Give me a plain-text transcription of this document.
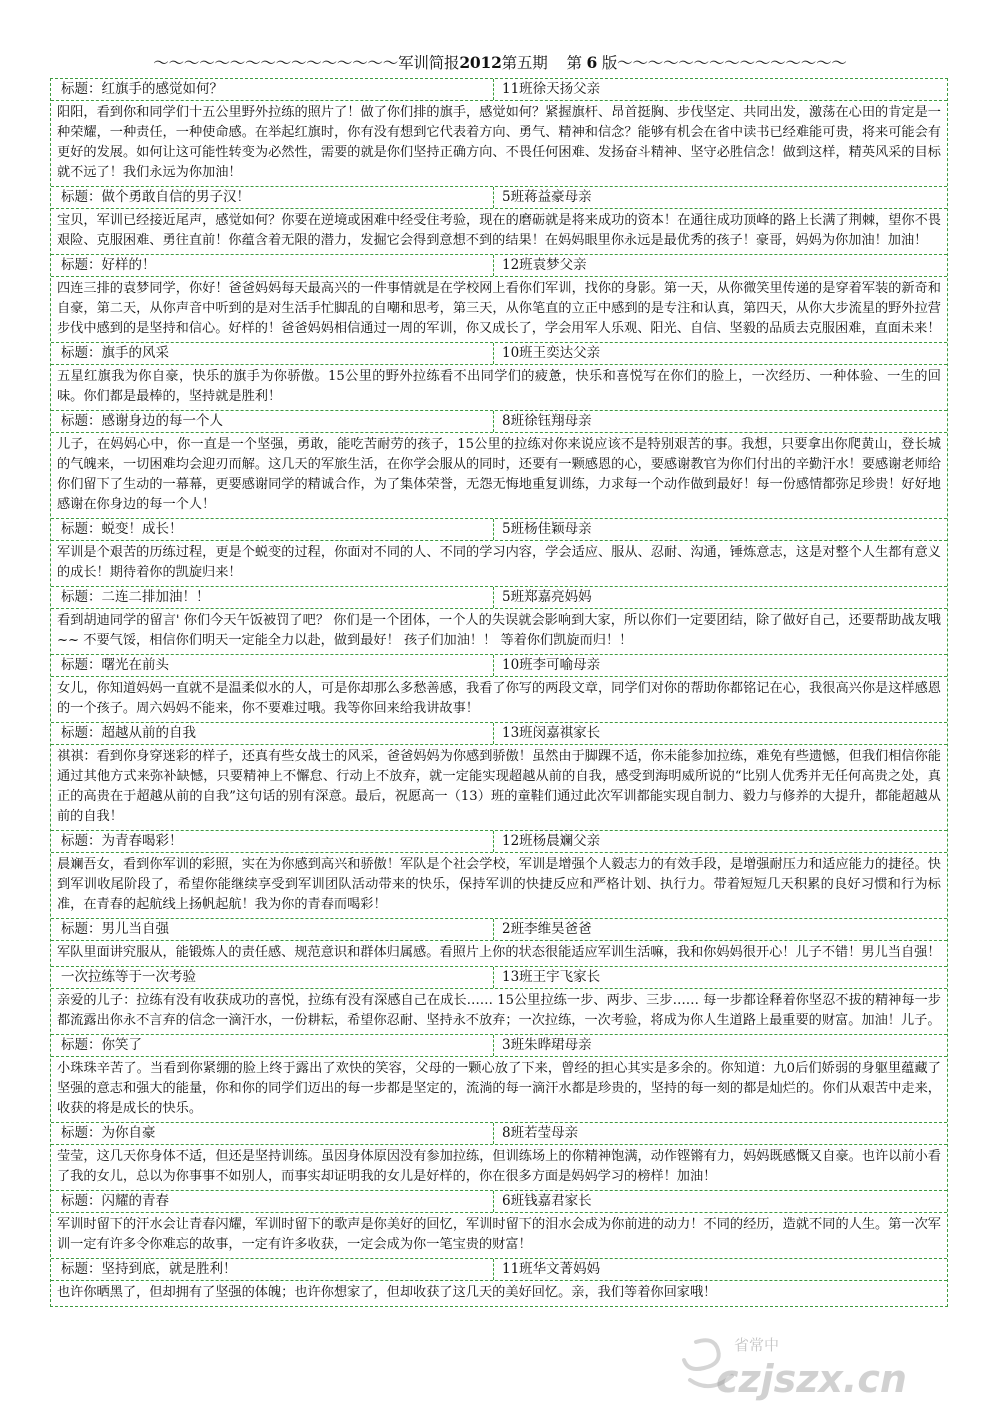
～～～～～～～～～～～～～～～～军训简报2012第五期 第 6 版～～～～～～～～～～～～～～～
标题：红旗手的感觉如何？	11班徐天扬父亲
阳阳，看到你和同学们十五公里野外拉练的照片了！做了你们排的旗手，感觉如何？紧握旗杆、昂首挺胸、步伐坚定、共同出发，激荡在心田的肯定是一种荣耀，一种责任，一种使命感。在举起红旗时，你有没有想到它代表着方向、勇气、精神和信念？能够有机会在省中读书已经难能可贵，将来可能会有更好的发展。如何让这可能性转变为必然性，需要的就是你们坚持正确方向、不畏任何困难、发扬奋斗精神、坚守必胜信念！做到这样，精英风采的目标就不远了！我们永远为你加油！
标题：做个勇敢自信的男子汉！	5班蒋益豪母亲
宝贝，军训已经接近尾声，感觉如何？你要在逆境或困难中经受住考验，现在的磨砺就是将来成功的资本！在通往成功顶峰的路上长满了荆棘，望你不畏艰险、克服困难、勇往直前！你蕴含着无限的潜力，发掘它会得到意想不到的结果！在妈妈眼里你永远是最优秀的孩子！豪哥，妈妈为你加油！加油！
标题：好样的！	12班袁梦父亲
四连三排的袁梦同学，你好！爸爸妈妈每天最高兴的一件事情就是在学校网上看你们军训，找你的身影。第一天，从你微笑里传递的是穿着军装的新奇和自豪，第二天，从你声音中听到的是对生活手忙脚乱的自嘲和思考，第三天，从你笔直的立正中感到的是专注和认真，第四天，从你大步流星的野外拉营步伐中感到的是坚持和信心。好样的！爸爸妈妈相信通过一周的军训，你又成长了，学会用军人乐观、阳光、自信、坚毅的品质去克服困难，直面未来！
标题：旗手的风采	10班王奕达父亲
五星红旗我为你自豪，快乐的旗手为你骄傲。15公里的野外拉练看不出同学们的疲惫，快乐和喜悦写在你们的脸上，一次经历、一种体验、一生的回味。你们都是最棒的，坚持就是胜利！
标题：感谢身边的每一个人	8班徐钰翔母亲
儿子，在妈妈心中，你一直是一个坚强，勇敢，能吃苦耐劳的孩子，15公里的拉练对你来说应该不是特别艰苦的事。我想，只要拿出你爬黄山，登长城的气魄来，一切困难均会迎刃而解。这几天的军旅生活，在你学会服从的同时，还要有一颗感恩的心，要感谢教官为你们付出的辛勤汗水！要感谢老师给你们留下了生动的一幕幕，更要感谢同学的精诚合作，为了集体荣誉，无怨无悔地重复训练，力求每一个动作做到最好！每一份感情都弥足珍贵！好好地感谢在你身边的每一个人！
标题：蜕变！成长！	5班杨佳颖母亲
军训是个艰苦的历练过程，更是个蜕变的过程，你面对不同的人、不同的学习内容，学会适应、服从、忍耐、沟通，锤炼意志，这是对整个人生都有意义的成长！期待着你的凯旋归来！
标题：二连二排加油！！	5班郑嘉亮妈妈
看到胡迪同学的留言' 你们今天午饭被罚了吧？ 你们是一个团体，一个人的失误就会影响到大家，所以你们一定要团结，除了做好自己，还要帮助战友哦~~ 不要气馁，相信你们明天一定能全力以赴，做到最好！ 孩子们加油！！ 等着你们凯旋而归！！
标题：曙光在前头	10班李可喻母亲
女儿，你知道妈妈一直就不是温柔似水的人，可是你却那么多愁善感，我看了你写的两段文章，同学们对你的帮助你都铭记在心，我很高兴你是这样感恩的一个孩子。周六妈妈不能来，你不要难过哦。我等你回来给我讲故事！
标题：超越从前的自我	13班闵嘉祺家长
祺祺：看到你身穿迷彩的样子，还真有些女战士的风采，爸爸妈妈为你感到骄傲！虽然由于脚踝不适，你未能参加拉练，难免有些遗憾，但我们相信你能通过其他方式来弥补缺憾，只要精神上不懈怠、行动上不放弃，就一定能实现超越从前的自我，感受到海明威所说的“比别人优秀并无任何高贵之处，真正的高贵在于超越从前的自我”这句话的别有深意。最后，祝愿高一（13）班的童鞋们通过此次军训都能实现自制力、毅力与修养的大提升，都能超越从前的自我！
标题：为青春喝彩！	12班杨晨斓父亲
晨斓吾女，看到你军训的彩照，实在为你感到高兴和骄傲！军队是个社会学校，军训是增强个人毅志力的有效手段，是增强耐压力和适应能力的捷径。快到军训收尾阶段了，希望你能继续享受到军训团队活动带来的快乐，保持军训的快捷反应和严格计划、执行力。带着短短几天积累的良好习惯和行为标准，在青春的起航线上扬帆起航！我为你的青春而喝彩！
标题：男儿当自强	2班李维昊爸爸
军队里面讲究服从，能锻炼人的责任感、规范意识和群体归属感。看照片上你的状态很能适应军训生活嘛，我和你妈妈很开心！儿子不错！男儿当自强！
一次拉练等于一次考验	13班王宇飞家长
亲爱的儿子：拉练有没有收获成功的喜悦，拉练有没有深感自己在成长…… 15公里拉练一步、两步、三步…… 每一步都诠释着你坚忍不拔的精神每一步都流露出你永不言弃的信念一滴汗水，一份耕耘，希望你忍耐、坚持永不放弃；一次拉练，一次考验，将成为你人生道路上最重要的财富。加油！儿子。
标题：你笑了	3班朱晔珺母亲
小珠珠辛苦了。当看到你紧绷的脸上终于露出了欢快的笑容，父母的一颗心放了下来，曾经的担心其实是多余的。你知道：九0后们娇弱的身躯里蕴藏了坚强的意志和强大的能量，你和你的同学们迈出的每一步都是坚定的，流淌的每一滴汗水都是珍贵的，坚持的每一刻的都是灿烂的。你们从艰苦中走来，收获的将是成长的快乐。
标题：为你自豪	8班若莹母亲
莹莹，这几天你身体不适，但还是坚持训练。虽因身体原因没有参加拉练，但训练场上的你精神饱满，动作铿锵有力，妈妈既感慨又自豪。也许以前小看了我的女儿，总以为你事事不如别人，而事实却证明我的女儿是好样的，你在很多方面是妈妈学习的榜样！加油！
标题：闪耀的青春	6班钱嘉君家长
军训时留下的汗水会让青春闪耀，军训时留下的歌声是你美好的回忆，军训时留下的泪水会成为你前进的动力！不同的经历，造就不同的人生。第一次军训一定有许多令你难忘的故事，一定有许多收获，一定会成为你一笔宝贵的财富！
标题：坚持到底，就是胜利！	11班华文菁妈妈
也许你晒黑了，但却拥有了坚强的体魄；也许你想家了，但却收获了这几天的美好回忆。亲，我们等着你回家哦！
省常中
czjszx.cn
